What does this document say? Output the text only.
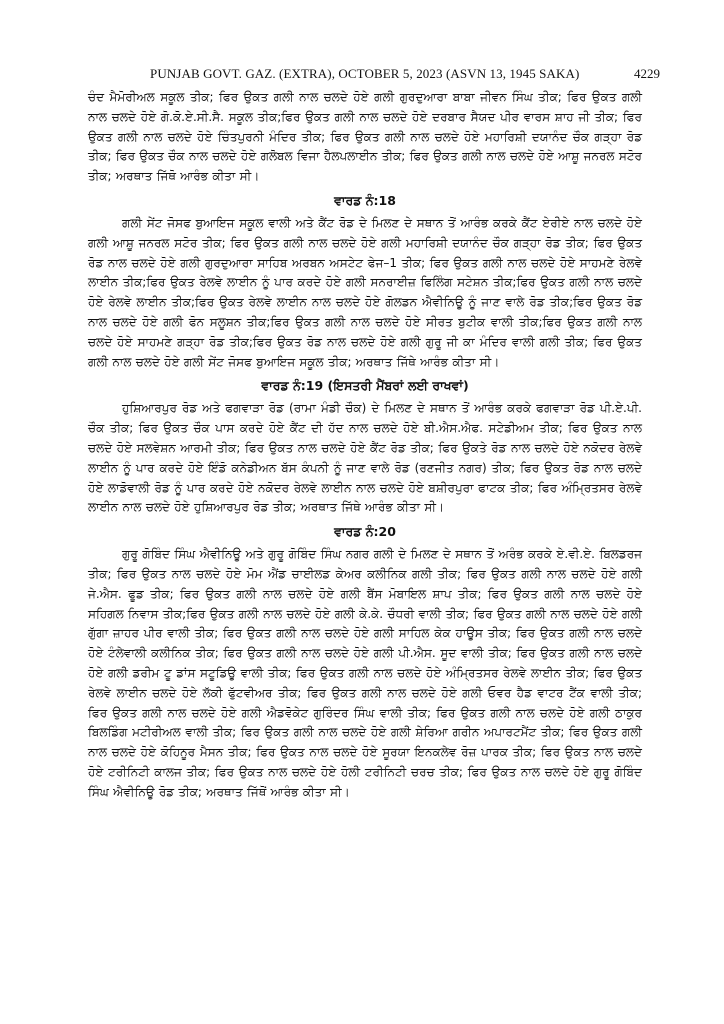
PUNJAB GOVT. GAZ. (EXTRA), OCTOBER 5, 2023 (ASVN 13, 1945 SAKA)	4229

ਚੰਦ ਮੈਮੋਰੀਅਲ ਸਕੂਲ ਤੀਕ; ਫਿਰ ਉਕਤ ਗਲੀ ਨਾਲ ਚਲਦੇ ਹੋਏ ਗਲੀ ਗੁਰਦੁਆਰਾ ਬਾਬਾ ਜੀਵਨ ਸਿੰਘ ਤੀਕ; ਫਿਰ ਉਕਤ ਗਲੀ ਨਾਲ ਚਲਦੇ ਹੋਏ ਗੋ.ਕੋ.ਏ.ਸੀ.ਸੈ. ਸਕੂਲ ਤੀਕ;ਫਿਰ ਉਕਤ ਗਲੀ ਨਾਲ ਚਲਦੇ ਹੋਏ ਦਰਬਾਰ ਸੈਯਦ ਪੀਰ ਵਾਰਸ ਸ਼ਾਹ ਜੀ ਤੀਕ; ਫਿਰ ਉਕਤ ਗਲੀ ਨਾਲ ਚਲਦੇ ਹੋਏ ਚਿੰਤਪੁਰਨੀ ਮੰਦਿਰ ਤੀਕ; ਫਿਰ ਉਕਤ ਗਲੀ ਨਾਲ ਚਲਦੇ ਹੋਏ ਮਹਾਰਿਸ਼ੀ ਦਯਾਨੰਦ ਚੌਕ ਗੜ੍ਹਾ ਰੋਡ ਤੀਕ; ਫਿਰ ਉਕਤ ਚੌਕ ਨਾਲ ਚਲਦੇ ਹੋਏ ਗਲੋਬਲ ਵਿਜਾ ਹੈਲਪਲਾਈਨ ਤੀਕ; ਫਿਰ ਉਕਤ ਗਲੀ ਨਾਲ ਚਲਦੇ ਹੋਏ ਆਸ਼ੂ ਜਨਰਲ ਸਟੋਰ ਤੀਕ; ਅਰਥਾਤ ਜਿੱਥੋ ਆਰੰਭ ਕੀਤਾ ਸੀ।

ਵਾਰਡ ਨੰ:18

ਗਲੀ ਸੇਂਟ ਜੋਸਫ ਬੁਆਇਜ ਸਕੂਲ ਵਾਲੀ ਅਤੇ ਕੈਂਟ ਰੋਡ ਦੇ ਮਿਲਣ ਦੇ ਸਥਾਨ ਤੋਂ ਆਰੰਭ ਕਰਕੇ ਕੈਂਟ ਏਰੀਏ ਨਾਲ ਚਲਦੇ ਹੋਏ ਗਲੀ ਆਸ਼ੂ ਜਨਰਲ ਸਟੋਰ ਤੀਕ; ਫਿਰ ਉਕਤ ਗਲੀ ਨਾਲ ਚਲਦੇ ਹੋਏ ਗਲੀ ਮਹਾਰਿਸ਼ੀ ਦਯਾਨੰਦ ਚੌਕ ਗੜ੍ਹਾ ਰੋਡ ਤੀਕ; ਫਿਰ ਉਕਤ ਰੋਡ ਨਾਲ ਚਲਦੇ ਹੋਏ ਗਲੀ ਗੁਰਦੁਆਰਾ ਸਾਹਿਬ ਅਰਬਨ ਅਸਟੇਟ ਫੇਜ–1 ਤੀਕ; ਫਿਰ ਉਕਤ ਗਲੀ ਨਾਲ ਚਲਦੇ ਹੋਏ ਸਾਹਮਣੇ ਰੇਲਵੇ ਲਾਈਨ ਤੀਕ;ਫਿਰ ਉਕਤ ਰੇਲਵੇ ਲਾਈਨ ਨੂੰ ਪਾਰ ਕਰਦੇ ਹੋਏ ਗਲੀ ਸਨਰਾਈਜ਼ ਫਿਲਿੰਗ ਸਟੇਸ਼ਨ ਤੀਕ;ਫਿਰ ਉਕਤ ਗਲੀ ਨਾਲ ਚਲਦੇ ਹੋਏ ਰੇਲਵੇ ਲਾਈਨ ਤੀਕ;ਫਿਰ ਉਕਤ ਰੇਲਵੇ ਲਾਈਨ ਨਾਲ ਚਲਦੇ ਹੋਏ ਗੋਲਡਨ ਐਵੀਨਿਊ ਨੂੰ ਜਾਣ ਵਾਲੇ ਰੋਡ ਤੀਕ;ਫਿਰ ਉਕਤ ਰੋਡ ਨਾਲ ਚਲਦੇ ਹੋਏ ਗਲੀ ਫੋਨ ਸਲੂਸ਼ਨ ਤੀਕ;ਫਿਰ ਉਕਤ ਗਲੀ ਨਾਲ ਚਲਦੇ ਹੋਏ ਸੀਰਤ ਬੁਟੀਕ ਵਾਲੀ ਤੀਕ;ਫਿਰ ਉਕਤ ਗਲੀ ਨਾਲ ਚਲਦੇ ਹੋਏ ਸਾਹਮਣੇ ਗੜ੍ਹਾ ਰੋਡ ਤੀਕ;ਫਿਰ ਉਕਤ ਰੋਡ ਨਾਲ ਚਲਦੇ ਹੋਏ ਗਲੀ ਗੁਰੂ ਜੀ ਕਾ ਮੰਦਿਰ ਵਾਲੀ ਗਲੀ ਤੀਕ; ਫਿਰ ਉਕਤ ਗਲੀ ਨਾਲ ਚਲਦੇ ਹੋਏ ਗਲੀ ਸੇਂਟ ਜੋਸਫ ਬੁਆਇਜ ਸਕੂਲ ਤੀਕ; ਅਰਥਾਤ ਜਿੱਥੇ ਆਰੰਭ ਕੀਤਾ ਸੀ।

ਵਾਰਡ ਨੰ:19 (ਇਸਤਰੀ ਮੈਂਬਰਾਂ ਲਈ ਰਾਖਵਾਂ)

ਹੁਸ਼ਿਆਰਪੁਰ ਰੋਡ ਅਤੇ ਫਗਵਾੜਾ ਰੋਡ (ਰਾਮਾ ਮੰਡੀ ਚੌਕ) ਦੇ ਮਿਲਣ ਦੇ ਸਥਾਨ ਤੋਂ ਆਰੰਭ ਕਰਕੇ ਫਗਵਾੜਾ ਰੋਡ ਪੀ.ਏ.ਪੀ. ਚੌਕ ਤੀਕ; ਫਿਰ ਉਕਤ ਚੌਕ ਪਾਸ ਕਰਦੇ ਹੋਏ ਕੈਂਟ ਦੀ ਹੱਦ ਨਾਲ ਚਲਦੇ ਹੋਏ ਬੀ.ਐਸ.ਐਫ. ਸਟੇਡੀਅਮ ਤੀਕ; ਫਿਰ ਉਕਤ ਨਾਲ ਚਲਦੇ ਹੋਏ ਸਲਵੇਸ਼ਨ ਆਰਮੀ ਤੀਕ; ਫਿਰ ਉਕਤ ਨਾਲ ਚਲਦੇ ਹੋਏ ਕੈਂਟ ਰੋਡ ਤੀਕ; ਫਿਰ ਉਕਤੇ ਰੋਡ ਨਾਲ ਚਲਦੇ ਹੋਏ ਨਕੋਦਰ ਰੇਲਵੇ ਲਾਈਨ ਨੂੰ ਪਾਰ ਕਰਦੇ ਹੋਏ ਇੰਡੋ ਕਨੇਡੀਅਨ ਬੱਸ ਕੰਪਨੀ ਨੂੰ ਜਾਣ ਵਾਲੇ ਰੋਡ (ਰਣਜੀਤ ਨਗਰ) ਤੀਕ; ਫਿਰ ਉਕਤ ਰੋਡ ਨਾਲ ਚਲਦੇ ਹੋਏ ਲਾਡੋਵਾਲੀ ਰੋਡ ਨੂੰ ਪਾਰ ਕਰਦੇ ਹੋਏ ਨਕੋਦਰ ਰੇਲਵੇ ਲਾਈਨ ਨਾਲ ਚਲਦੇ ਹੋਏ ਬਸ਼ੀਰਪੁਰਾ ਫਾਟਕ ਤੀਕ; ਫਿਰ ਅੰਮ੍ਰਿਤਸਰ ਰੇਲਵੇ ਲਾਈਨ ਨਾਲ ਚਲਦੇ ਹੋਏ ਹੁਸ਼ਿਆਰਪੁਰ ਰੋਡ ਤੀਕ; ਅਰਥਾਤ ਜਿੱਥੇ ਆਰੰਭ ਕੀਤਾ ਸੀ।

ਵਾਰਡ ਨੰ:20

ਗੁਰੂ ਗੋਬਿੰਦ ਸਿੰਘ ਐਵੀਨਿਊ ਅਤੇ ਗੁਰੂ ਗੋਬਿੰਦ ਸਿੰਘ ਨਗਰ ਗਲੀ ਦੇ ਮਿਲਣ ਦੇ ਸਥਾਨ ਤੋਂ ਅਰੰਭ ਕਰਕੇ ਏ.ਵੀ.ਏ. ਬਿਲਡਰਜ ਤੀਕ; ਫਿਰ ਉਕਤ ਨਾਲ ਚਲਦੇ ਹੋਏ ਮੋਮ ਐਂਡ ਚਾਈਲਡ ਕੇਅਰ ਕਲੀਨਿਕ ਗਲੀ ਤੀਕ; ਫਿਰ ਉਕਤ ਗਲੀ ਨਾਲ ਚਲਦੇ ਹੋਏ ਗਲੀ ਜੇ.ਐਸ. ਫੂਡ ਤੀਕ; ਫਿਰ ਉਕਤ ਗਲੀ ਨਾਲ ਚਲਦੇ ਹੋਏ ਗਲੀ ਬੈਂਸ ਮੋਬਾਇਲ ਸ਼ਾਪ ਤੀਕ; ਫਿਰ ਉਕਤ ਗਲੀ ਨਾਲ ਚਲਦੇ ਹੋਏ ਸਹਿਗਲ ਨਿਵਾਸ ਤੀਕ;ਫਿਰ ਉਕਤ ਗਲੀ ਨਾਲ ਚਲਦੇ ਹੋਏ ਗਲੀ ਕੇ.ਕੇ. ਚੌਧਰੀ ਵਾਲੀ ਤੀਕ; ਫਿਰ ਉਕਤ ਗਲੀ ਨਾਲ ਚਲਦੇ ਹੋਏ ਗਲੀ ਗੁੱਗਾ ਜ਼ਾਹਰ ਪੀਰ ਵਾਲੀ ਤੀਕ; ਫਿਰ ਉਕਤ ਗਲੀ ਨਾਲ ਚਲਦੇ ਹੋਏ ਗਲੀ ਸਾਹਿਲ ਕੇਕ ਹਾਊਸ ਤੀਕ; ਫਿਰ ਉਕਤ ਗਲੀ ਨਾਲ ਚਲਦੇ ਹੋਏ ਟੰਲੇਵਾਲੀ ਕਲੀਨਿਕ ਤੀਕ; ਫਿਰ ਉਕਤ ਗਲੀ ਨਾਲ ਚਲਦੇ ਹੋਏ ਗਲੀ ਪੀ.ਐਸ. ਸੂਦ ਵਾਲੀ ਤੀਕ; ਫਿਰ ਉਕਤ ਗਲੀ ਨਾਲ ਚਲਦੇ ਹੋਏ ਗਲੀ ਡਰੀਮ ਟੂ ਡਾਂਸ ਸਟੂਡਿਊ ਵਾਲੀ ਤੀਕ; ਫਿਰ ਉਕਤ ਗਲੀ ਨਾਲ ਚਲਦੇ ਹੋਏ ਅੰਮ੍ਰਿਤਸਰ ਰੇਲਵੇ ਲਾਈਨ ਤੀਕ; ਫਿਰ ਉਕਤ ਰੇਲਵੇ ਲਾਈਨ ਚਲਦੇ ਹੋਏ ਲੱਕੀ ਫੁੱਟਵੀਅਰ ਤੀਕ; ਫਿਰ ਉਕਤ ਗਲੀ ਨਾਲ ਚਲਦੇ ਹੋਏ ਗਲੀ ਓਵਰ ਹੈਡ ਵਾਟਰ ਟੈਂਕ ਵਾਲੀ ਤੀਕ; ਫਿਰ ਉਕਤ ਗਲੀ ਨਾਲ ਚਲਦੇ ਹੋਏ ਗਲੀ ਐਡਵੋਕੇਟ ਗੁਰਿੰਦਰ ਸਿੰਘ ਵਾਲੀ ਤੀਕ; ਫਿਰ ਉਕਤ ਗਲੀ ਨਾਲ ਚਲਦੇ ਹੋਏ ਗਲੀ ਠਾਕੁਰ ਬਿਲਡਿੰਗ ਮਟੀਰੀਅਲ ਵਾਲੀ ਤੀਕ; ਫਿਰ ਉਕਤ ਗਲੀ ਨਾਲ ਚਲਦੇ ਹੋਏ ਗਲੀ ਸ਼ੇਰਿਆ ਗਰੀਨ ਅਪਾਰਟਮੈਂਟ ਤੀਕ; ਫਿਰ ਉਕਤ ਗਲੀ ਨਾਲ ਚਲਦੇ ਹੋਏ ਕੋਹਿਨੂਰ ਮੈਸਨ ਤੀਕ; ਫਿਰ ਉਕਤ ਨਾਲ ਚਲਦੇ ਹੋਏ ਸੂਰਯਾ ਇਨਕਲੇਵ ਰੋਜ਼ ਪਾਰਕ ਤੀਕ; ਫਿਰ ਉਕਤ ਨਾਲ ਚਲਦੇ ਹੋਏ ਟਰੀਨਿਟੀ ਕਾਲਜ ਤੀਕ; ਫਿਰ ਉਕਤ ਨਾਲ ਚਲਦੇ ਹੋਏ ਹੋਲੀ ਟਰੀਨਿਟੀ ਚਰਚ ਤੀਕ; ਫਿਰ ਉਕਤ ਨਾਲ ਚਲਦੇ ਹੋਏ ਗੁਰੂ ਗੋਬਿੰਦ ਸਿੰਘ ਐਵੀਨਿਊ ਰੋਡ ਤੀਕ; ਅਰਥਾਤ ਜਿੱਥੋਂ ਆਰੰਭ ਕੀਤਾ ਸੀ।
